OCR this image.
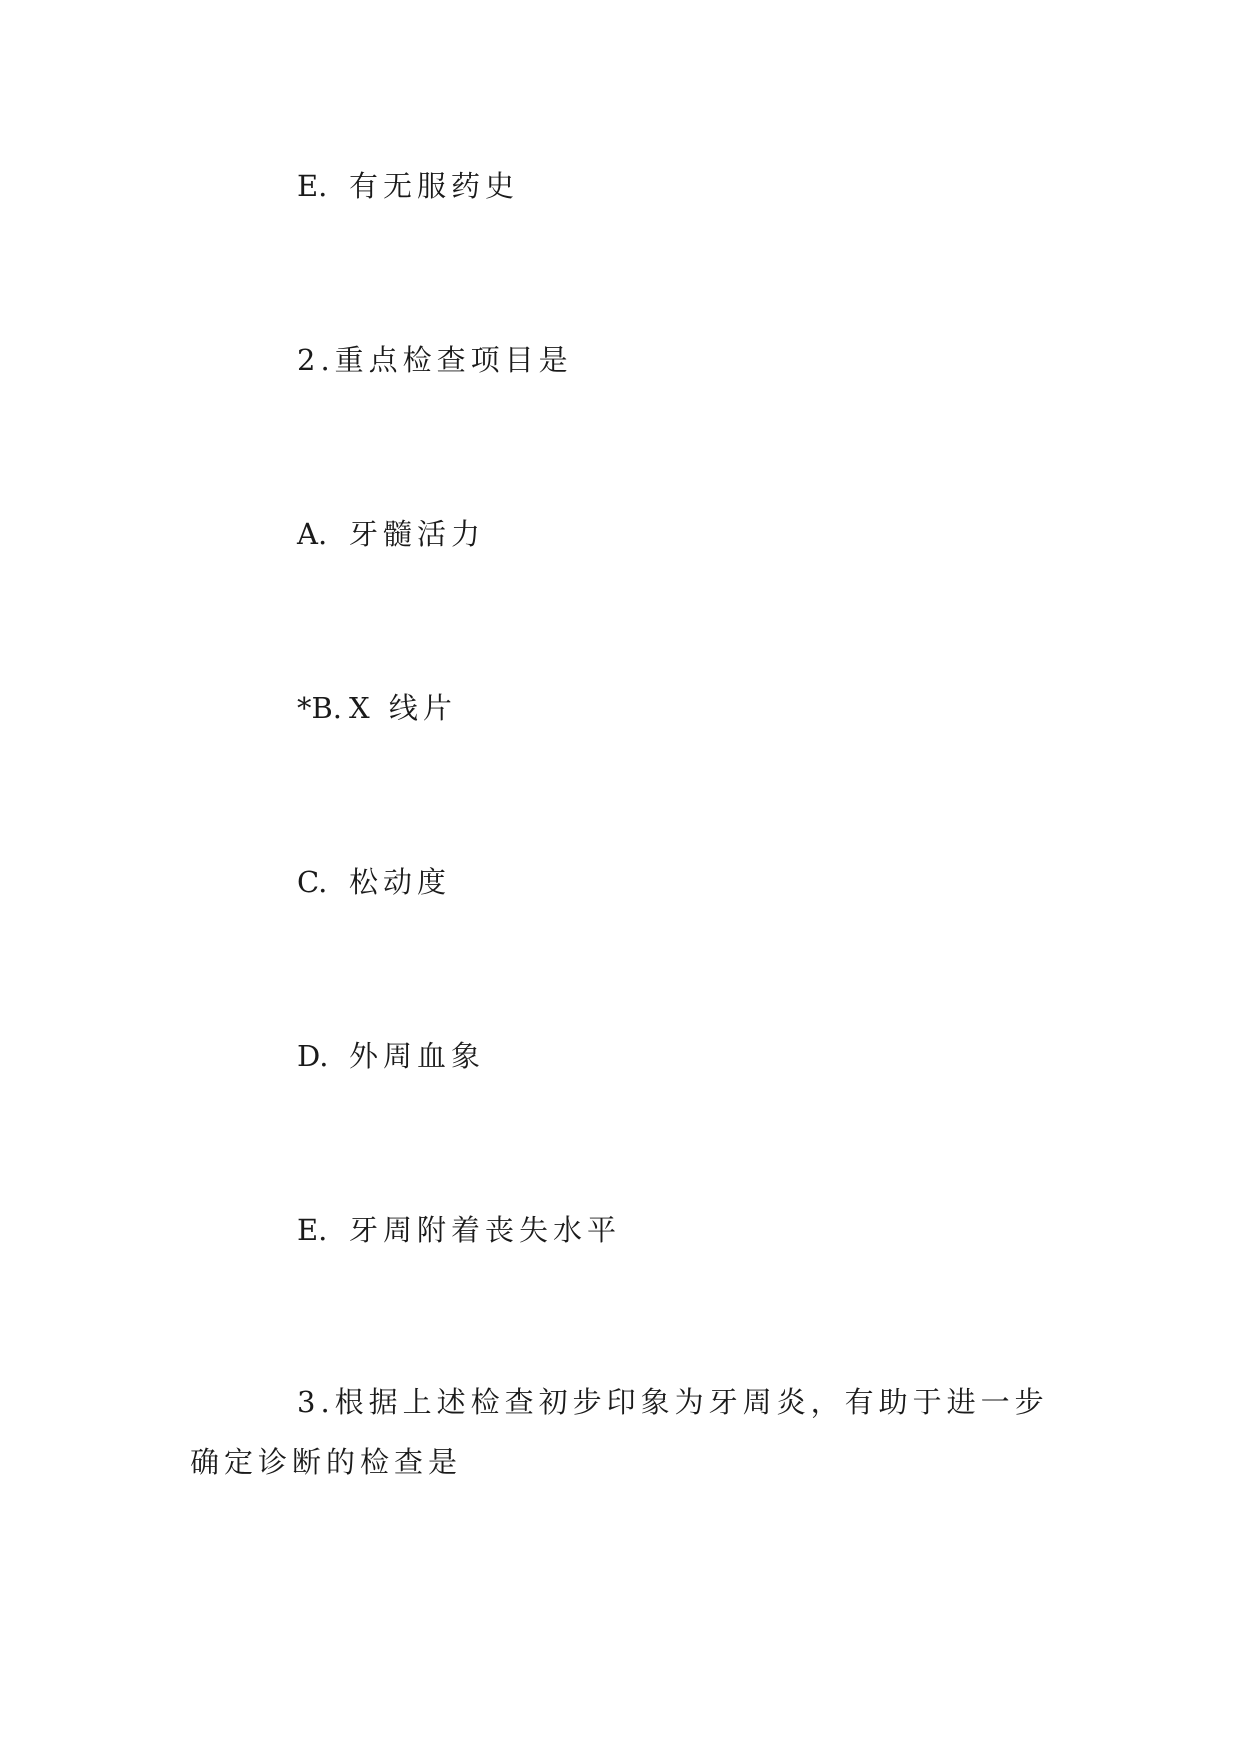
E. 有无服药史

2.重点检查项目是

A. 牙髓活力

*B. X 线片

C. 松动度

D. 外周血象

E. 牙周附着丧失水平

3.根据上述检查初步印象为牙周炎，有助于进一步确定诊断的检查是
